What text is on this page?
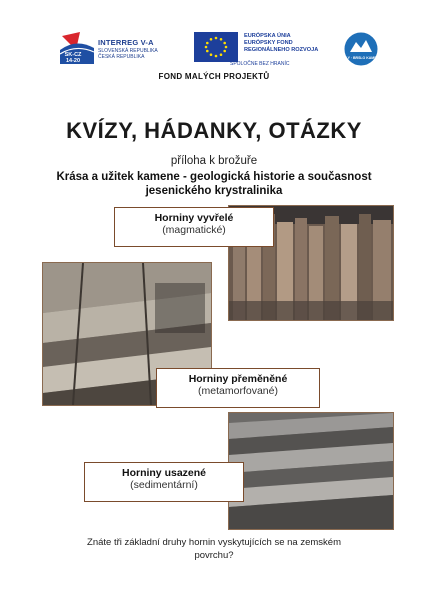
SK-CZ 14-20
INTERREG V-A
SLOVENSKÁ REPUBLIKA
ČESKÁ REPUBLIKA
EURÓPSKA ÚNIA
EURÓPSKY FOND
REGIONÁLNEHO ROZVOJA
SPOLOČNE BEZ HRANÍC
DOLY · BRSLO KAMENY
FOND MALÝCH PROJEKTŮ
KVÍZY, HÁDANKY, OTÁZKY
příloha k brožuře
Krása a užitek kamene - geologická historie a současnost
jesenického krystralinika
Horniny vyvřelé
(magmatické)
Horniny přeměněné
(metamorfované)
Horniny usazené
(sedimentární)
Znáte tři základní druhy hornin vyskytujících se na zemském
povrchu?
